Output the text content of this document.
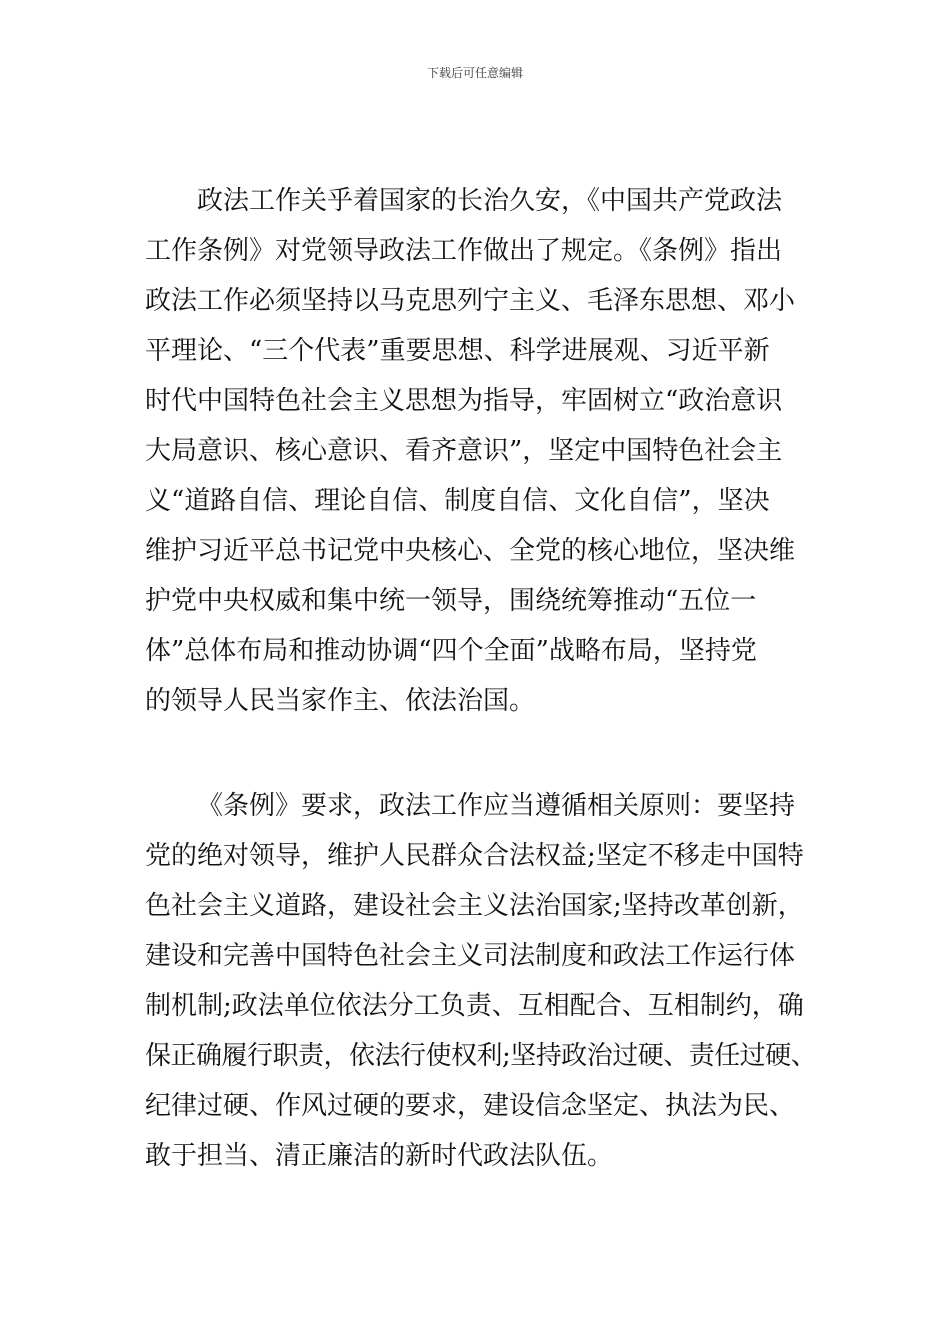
下载后可任意编辑
政法工作关乎着国家的长治久安，《中国共产党政法
工作条例》对党领导政法工作做出了规定。《条例》指出
政法工作必须坚持以马克思列宁主义、毛泽东思想、邓小
平理论、“三个代表”重要思想、科学进展观、习近平新
时代中国特色社会主义思想为指导，牢固树立“政治意识
大局意识、核心意识、看齐意识”，坚定中国特色社会主
义“道路自信、理论自信、制度自信、文化自信”，坚决
维护习近平总书记党中央核心、全党的核心地位，坚决维
护党中央权威和集中统一领导，围绕统筹推动“五位一
体”总体布局和推动协调“四个全面”战略布局，坚持党
的领导人民当家作主、依法治国。
《条例》要求，政法工作应当遵循相关原则：要坚持
党的绝对领导，维护人民群众合法权益;坚定不移走中国特
色社会主义道路，建设社会主义法治国家;坚持改革创新，
建设和完善中国特色社会主义司法制度和政法工作运行体
制机制;政法单位依法分工负责、互相配合、互相制约，确
保正确履行职责，依法行使权利;坚持政治过硬、责任过硬、
纪律过硬、作风过硬的要求，建设信念坚定、执法为民、
敢于担当、清正廉洁的新时代政法队伍。
